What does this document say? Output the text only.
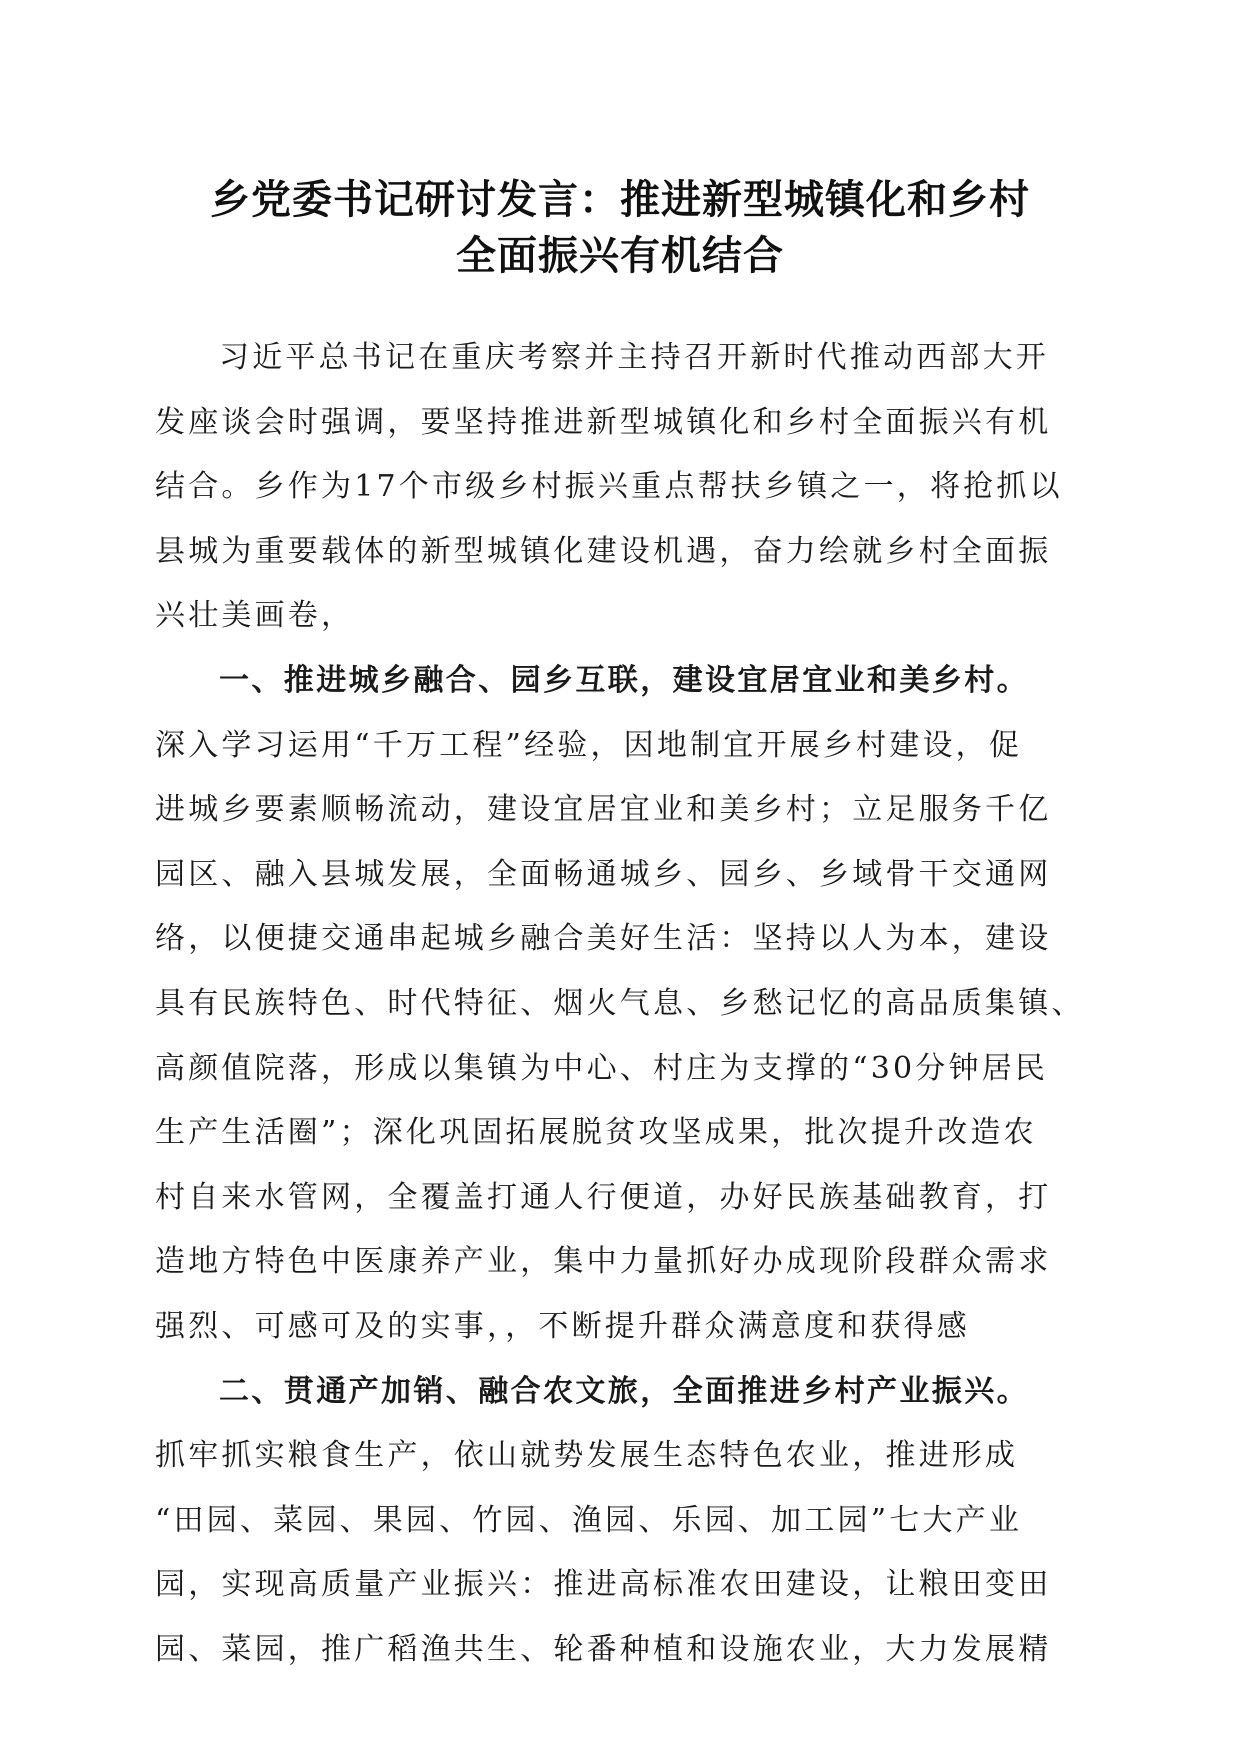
乡党委书记研讨发言：推进新型城镇化和乡村
全面振兴有机结合
习近平总书记在重庆考察并主持召开新时代推动西部大开
发座谈会时强调，要坚持推进新型城镇化和乡村全面振兴有机
结合。乡作为17个市级乡村振兴重点帮扶乡镇之一，将抢抓以
县城为重要载体的新型城镇化建设机遇，奋力绘就乡村全面振
兴壮美画卷，
一、推进城乡融合、园乡互联，建设宜居宜业和美乡村。
深入学习运用“千万工程”经验，因地制宜开展乡村建设，促
进城乡要素顺畅流动，建设宜居宜业和美乡村；立足服务千亿
园区、融入县城发展，全面畅通城乡、园乡、乡域骨干交通网
络，以便捷交通串起城乡融合美好生活：坚持以人为本，建设
具有民族特色、时代特征、烟火气息、乡愁记忆的高品质集镇、
高颜值院落，形成以集镇为中心、村庄为支撑的“30分钟居民
生产生活圈”；深化巩固拓展脱贫攻坚成果，批次提升改造农
村自来水管网，全覆盖打通人行便道，办好民族基础教育，打
造地方特色中医康养产业，集中力量抓好办成现阶段群众需求
强烈、可感可及的实事，，不断提升群众满意度和获得感
二、贯通产加销、融合农文旅，全面推进乡村产业振兴。
抓牢抓实粮食生产，依山就势发展生态特色农业，推进形成
“田园、菜园、果园、竹园、渔园、乐园、加工园”七大产业
园，实现高质量产业振兴：推进高标准农田建设，让粮田变田
园、菜园，推广稻渔共生、轮番种植和设施农业，大力发展精
